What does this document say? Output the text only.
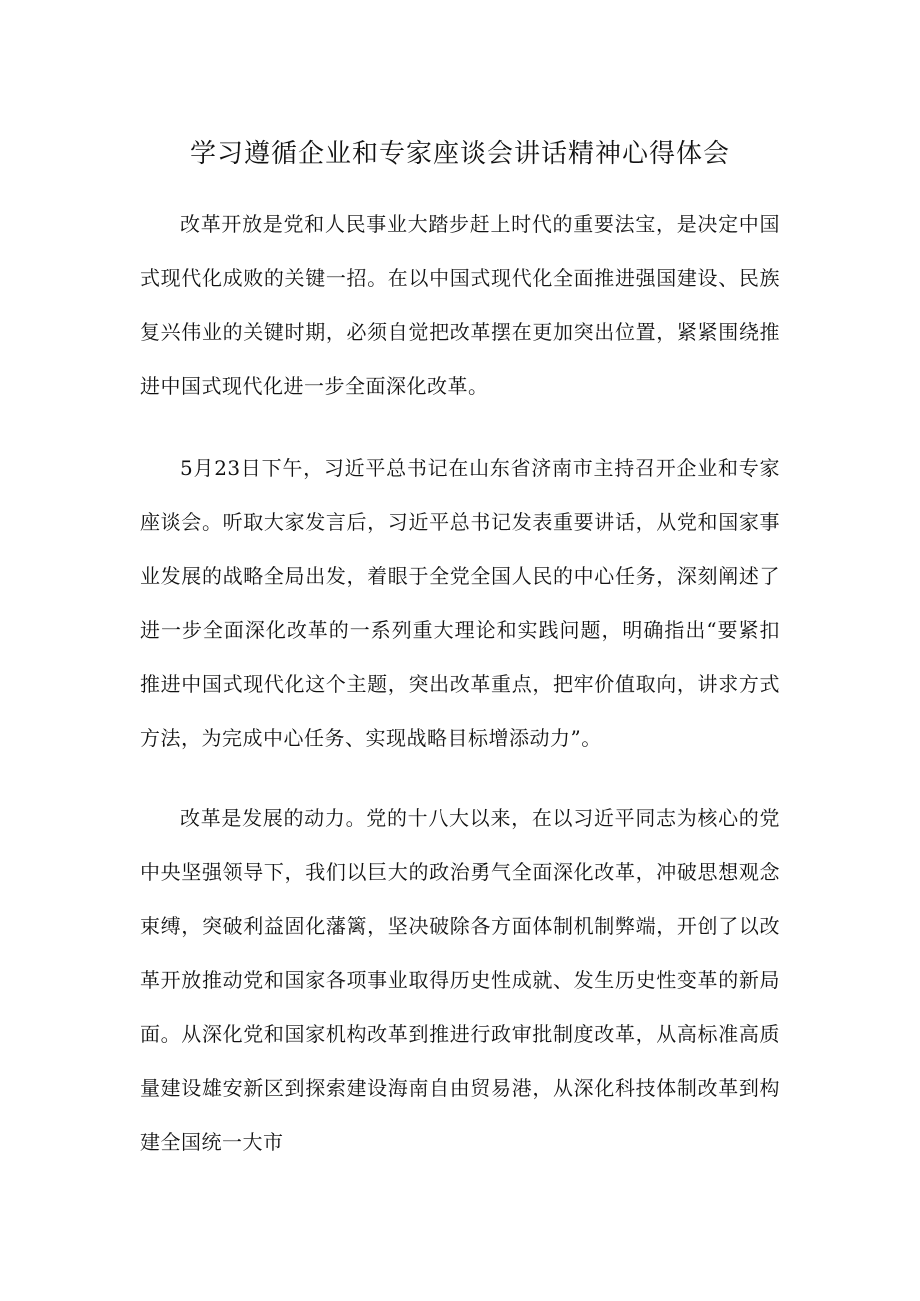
学习遵循企业和专家座谈会讲话精神心得体会

改革开放是党和人民事业大踏步赶上时代的重要法宝，是决定中国式现代化成败的关键一招。在以中国式现代化全面推进强国建设、民族复兴伟业的关键时期，必须自觉把改革摆在更加突出位置，紧紧围绕推进中国式现代化进一步全面深化改革。

5月23日下午，习近平总书记在山东省济南市主持召开企业和专家座谈会。听取大家发言后，习近平总书记发表重要讲话，从党和国家事业发展的战略全局出发，着眼于全党全国人民的中心任务，深刻阐述了进一步全面深化改革的一系列重大理论和实践问题，明确指出“要紧扣推进中国式现代化这个主题，突出改革重点，把牢价值取向，讲求方式方法，为完成中心任务、实现战略目标增添动力”。

改革是发展的动力。党的十八大以来，在以习近平同志为核心的党中央坚强领导下，我们以巨大的政治勇气全面深化改革，冲破思想观念束缚，突破利益固化藩篱，坚决破除各方面体制机制弊端，开创了以改革开放推动党和国家各项事业取得历史性成就、发生历史性变革的新局面。从深化党和国家机构改革到推进行政审批制度改革，从高标准高质量建设雄安新区到探索建设海南自由贸易港，从深化科技体制改革到构建全国统一大市
